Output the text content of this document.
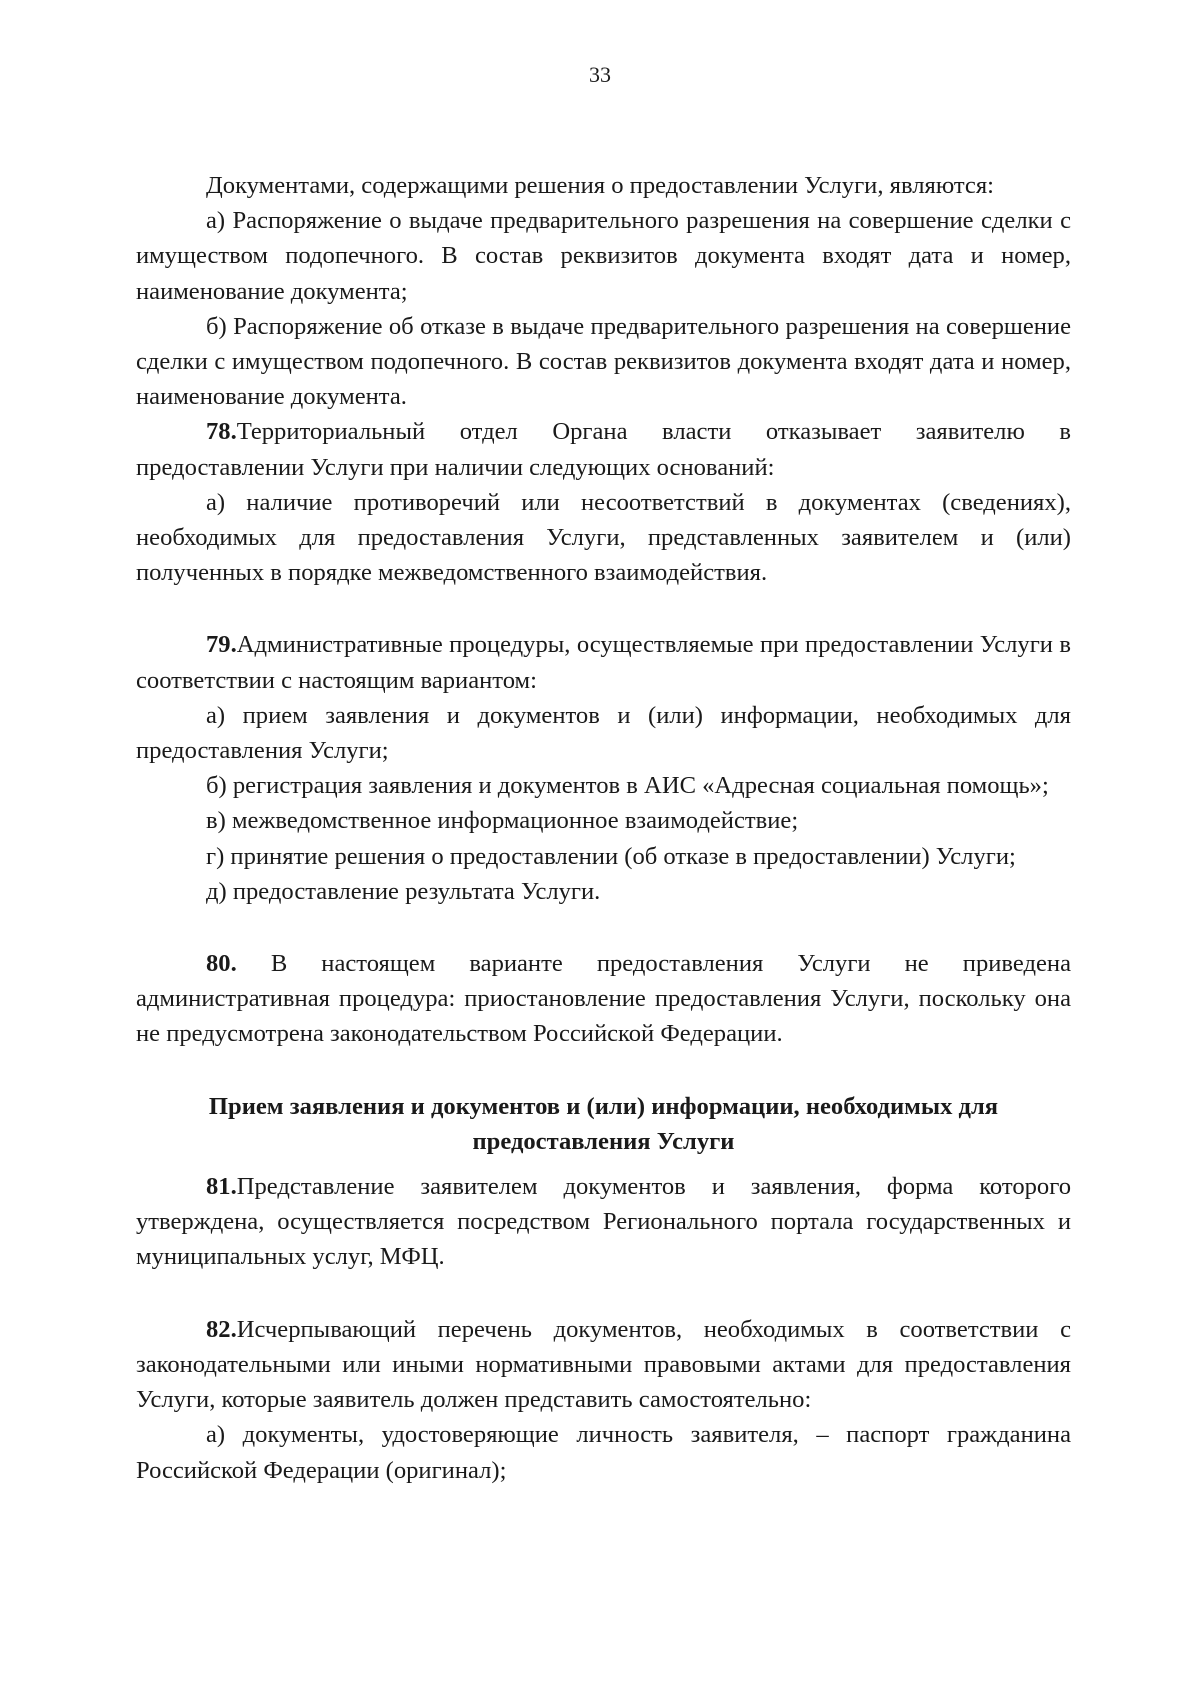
33

Документами, содержащими решения о предоставлении Услуги, являются:

а) Распоряжение о выдаче предварительного разрешения на совершение сделки с имуществом подопечного. В состав реквизитов документа входят дата и номер, наименование документа;

б) Распоряжение об отказе в выдаче предварительного разрешения на совершение сделки с имуществом подопечного. В состав реквизитов документа входят дата и номер, наименование документа.

78.Территориальный отдел Органа власти отказывает заявителю в предоставлении Услуги при наличии следующих оснований:

а) наличие противоречий или несоответствий в документах (сведениях), необходимых для предоставления Услуги, представленных заявителем и (или) полученных в порядке межведомственного взаимодействия.

79.Административные процедуры, осуществляемые при предоставлении Услуги в соответствии с настоящим вариантом:

а) прием заявления и документов и (или) информации, необходимых для предоставления Услуги;

б) регистрация заявления и документов в АИС «Адресная социальная помощь»;

в) межведомственное информационное взаимодействие;

г) принятие решения о предоставлении (об отказе в предоставлении) Услуги;

д) предоставление результата Услуги.

80. В настоящем варианте предоставления Услуги не приведена административная процедура: приостановление предоставления Услуги, поскольку она не предусмотрена законодательством Российской Федерации.

Прием заявления и документов и (или) информации, необходимых для предоставления Услуги

81.Представление заявителем документов и заявления, форма которого утверждена, осуществляется посредством Регионального портала государственных и муниципальных услуг, МФЦ.

82.Исчерпывающий перечень документов, необходимых в соответствии с законодательными или иными нормативными правовыми актами для предоставления Услуги, которые заявитель должен представить самостоятельно:

а) документы, удостоверяющие личность заявителя, – паспорт гражданина Российской Федерации (оригинал);
